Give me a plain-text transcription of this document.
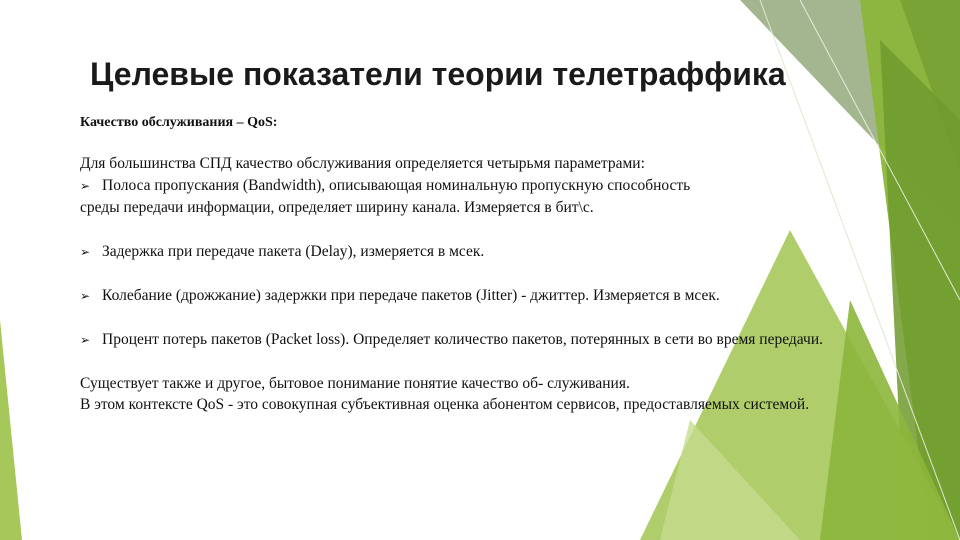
Целевые показатели теории телетраффика
Качество обслуживания – QoS:
Для большинства СПД качество обслуживания определяется четырьмя параметрами:
➢ Полоса пропускания (Bandwidth), описывающая номинальную пропускную способность
среды передачи информации, определяет ширину канала. Измеряется в бит\с.
➢ Задержка при передаче пакета (Delay), измеряется в мсек.
➢ Колебание (дрожжание) задержки при передаче пакетов (Jitter) - джиттер. Измеряется в мсек.
➢ Процент потерь пакетов (Packet loss). Определяет количество пакетов, потерянных в сети во время передачи.
Существует также и другое, бытовое понимание понятие качество об- служивания.
В этом контексте QoS - это совокупная субъективная оценка абонентом сервисов, предоставляемых системой.
